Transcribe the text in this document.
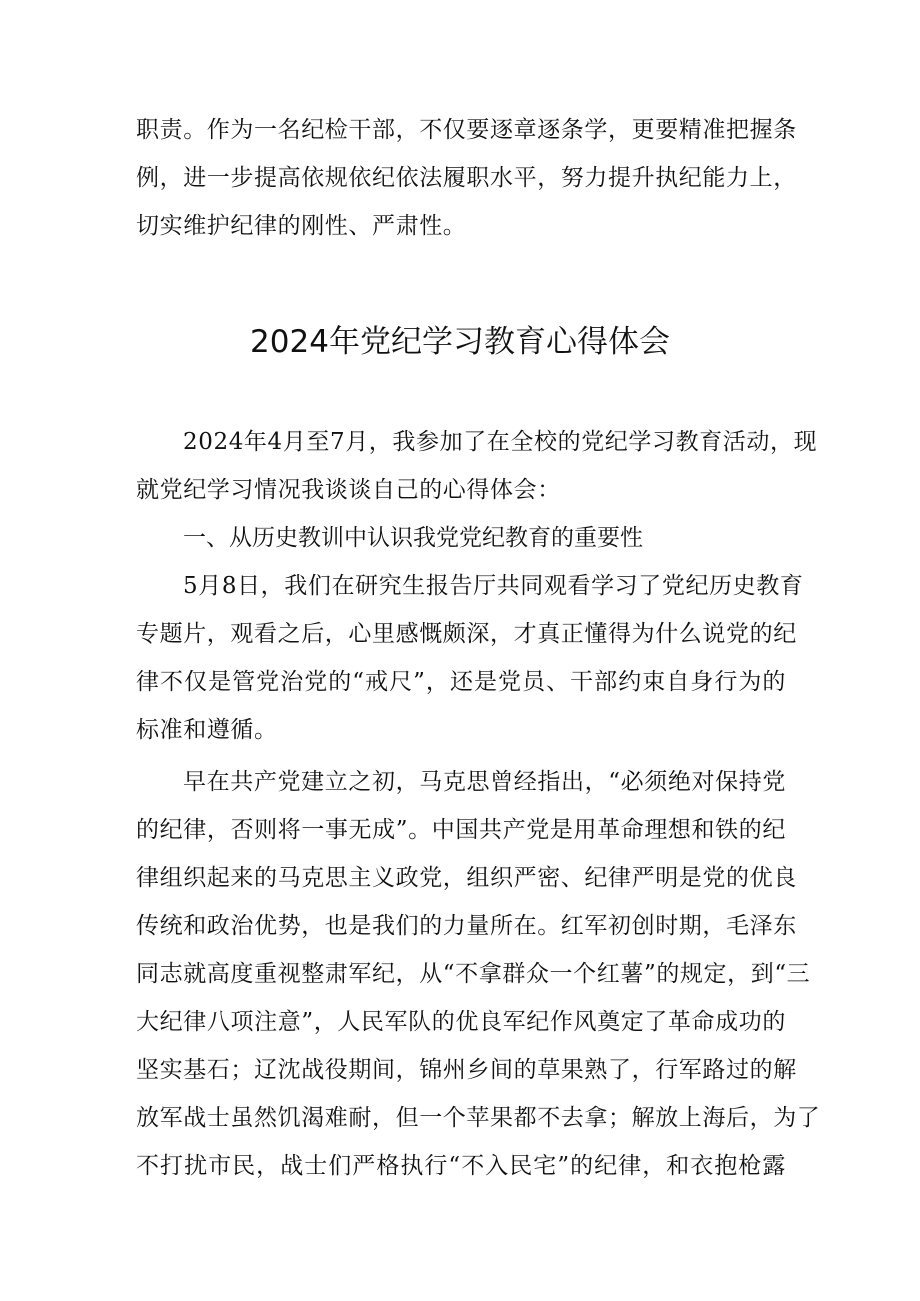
职责。作为一名纪检干部，不仅要逐章逐条学，更要精准把握条
例，进一步提高依规依纪依法履职水平，努力提升执纪能力上，
切实维护纪律的刚性、严肃性。
2024年党纪学习教育心得体会
2024年4月至7月，我参加了在全校的党纪学习教育活动，现
就党纪学习情况我谈谈自己的心得体会：
一、从历史教训中认识我党党纪教育的重要性
5月8日，我们在研究生报告厅共同观看学习了党纪历史教育
专题片，观看之后，心里感慨颇深，才真正懂得为什么说党的纪
律不仅是管党治党的“戒尺”，还是党员、干部约束自身行为的
标准和遵循。
早在共产党建立之初，马克思曾经指出，“必须绝对保持党
的纪律，否则将一事无成”。中国共产党是用革命理想和铁的纪
律组织起来的马克思主义政党，组织严密、纪律严明是党的优良
传统和政治优势，也是我们的力量所在。红军初创时期，毛泽东
同志就高度重视整肃军纪，从“不拿群众一个红薯”的规定，到“三
大纪律八项注意”，人民军队的优良军纪作风奠定了革命成功的
坚实基石；辽沈战役期间，锦州乡间的草果熟了，行军路过的解
放军战士虽然饥渴难耐，但一个苹果都不去拿；解放上海后，为了
不打扰市民，战士们严格执行“不入民宅”的纪律，和衣抱枪露
